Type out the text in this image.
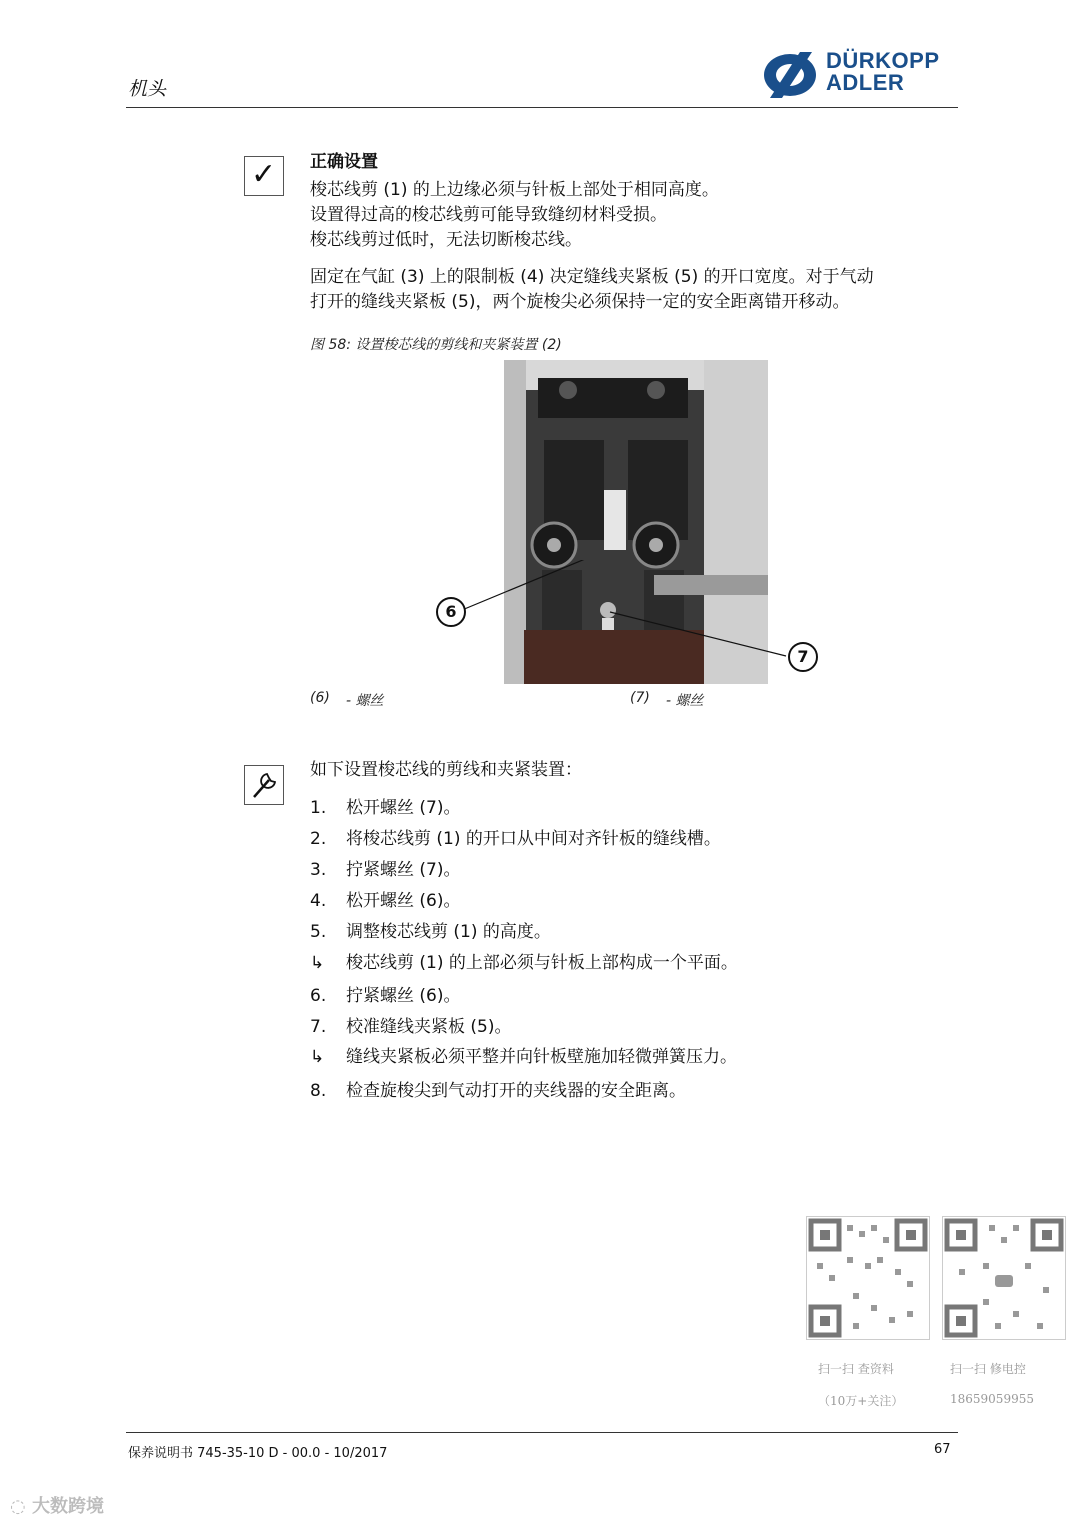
机头
DÜRKOPP
ADLER
✓ 正确设置
梭芯线剪 (1) 的上边缘必须与针板上部处于相同高度。
设置得过高的梭芯线剪可能导致缝纫材料受损。
梭芯线剪过低时，无法切断梭芯线。
固定在气缸 (3) 上的限制板 (4) 决定缝线夹紧板 (5) 的开口宽度。对于气动
打开的缝线夹紧板 (5)，两个旋梭尖必须保持一定的安全距离错开移动。
图 58: 设置梭芯线的剪线和夹紧装置 (2)
6
7
(6) - 螺丝	(7) - 螺丝
如下设置梭芯线的剪线和夹紧装置：
1. 松开螺丝 (7)。
2. 将梭芯线剪 (1) 的开口从中间对齐针板的缝线槽。
3. 拧紧螺丝 (7)。
4. 松开螺丝 (6)。
5. 调整梭芯线剪 (1) 的高度。
↳ 梭芯线剪 (1) 的上部必须与针板上部构成一个平面。
6. 拧紧螺丝 (6)。
7. 校准缝线夹紧板 (5)。
↳ 缝线夹紧板必须平整并向针板壁施加轻微弹簧压力。
8. 检查旋梭尖到气动打开的夹线器的安全距离。
扫一扫 查资料
（10万+关注）
扫一扫 修电控
18659059955
保养说明书 745-35-10 D - 00.0 - 10/2017	67
◌ 大数跨境
